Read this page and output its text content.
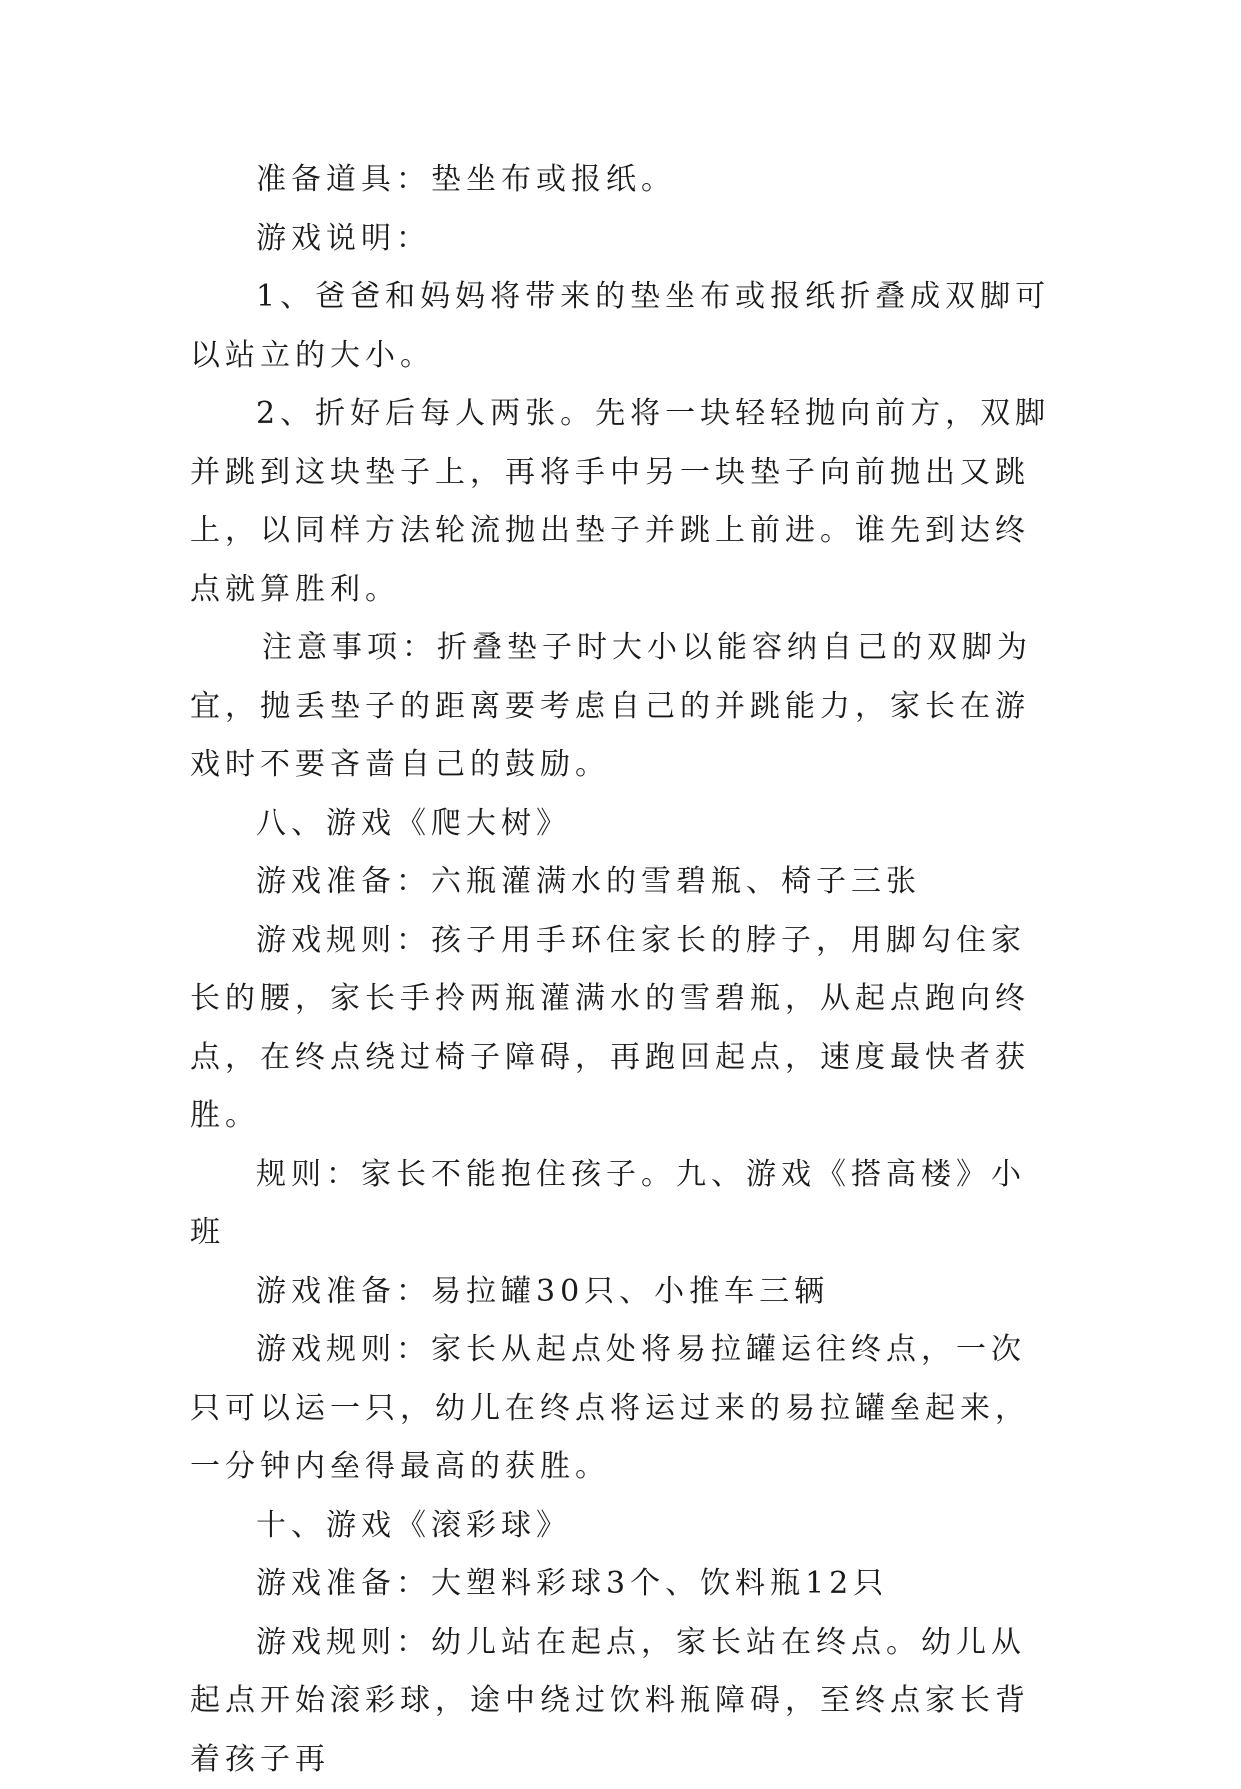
准备道具：垫坐布或报纸。

游戏说明：

1、爸爸和妈妈将带来的垫坐布或报纸折叠成双脚可以站立的大小。

2、折好后每人两张。先将一块轻轻抛向前方，双脚并跳到这块垫子上，再将手中另一块垫子向前抛出又跳上，以同样方法轮流抛出垫子并跳上前进。谁先到达终点就算胜利。

注意事项：折叠垫子时大小以能容纳自己的双脚为宜，抛丢垫子的距离要考虑自己的并跳能力，家长在游戏时不要吝啬自己的鼓励。

八、游戏《爬大树》

游戏准备：六瓶灌满水的雪碧瓶、椅子三张

游戏规则：孩子用手环住家长的脖子，用脚勾住家长的腰，家长手拎两瓶灌满水的雪碧瓶，从起点跑向终点，在终点绕过椅子障碍，再跑回起点，速度最快者获胜。

规则：家长不能抱住孩子。九、游戏《搭高楼》小班

游戏准备：易拉罐30只、小推车三辆

游戏规则：家长从起点处将易拉罐运往终点，一次只可以运一只，幼儿在终点将运过来的易拉罐垒起来，一分钟内垒得最高的获胜。

十、游戏《滚彩球》

游戏准备：大塑料彩球3个、饮料瓶12只

游戏规则：幼儿站在起点，家长站在终点。幼儿从起点开始滚彩球，途中绕过饮料瓶障碍，至终点家长背着孩子再
